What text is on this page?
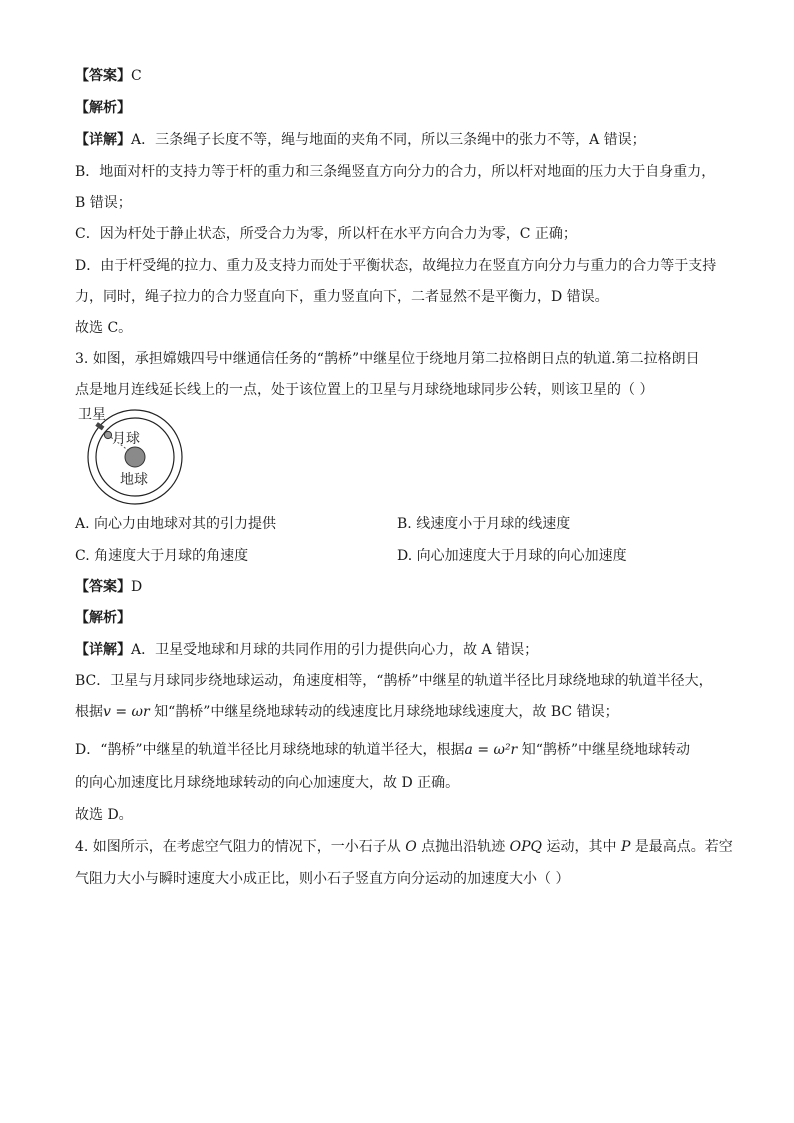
【答案】C
【解析】
【详解】A．三条绳子长度不等，绳与地面的夹角不同，所以三条绳中的张力不等，A 错误；
B．地面对杆的支持力等于杆的重力和三条绳竖直方向分力的合力，所以杆对地面的压力大于自身重力，
B 错误；
C．因为杆处于静止状态，所受合力为零，所以杆在水平方向合力为零，C 正确；
D．由于杆受绳的拉力、重力及支持力而处于平衡状态，故绳拉力在竖直方向分力与重力的合力等于支持
力，同时，绳子拉力的合力竖直向下，重力竖直向下，二者显然不是平衡力，D 错误。
故选 C。
3. 如图，承担嫦娥四号中继通信任务的“鹊桥”中继星位于绕地月第二拉格朗日点的轨道.第二拉格朗日
点是地月连线延长线上的一点，处于该位置上的卫星与月球绕地球同步公转，则该卫星的（ ）
卫星
月球
地球
A. 向心力由地球对其的引力提供	B. 线速度小于月球的线速度
C. 角速度大于月球的角速度	D. 向心加速度大于月球的向心加速度
【答案】D
【解析】
【详解】A．卫星受地球和月球的共同作用的引力提供向心力，故 A 错误；
BC．卫星与月球同步绕地球运动，角速度相等，“鹊桥”中继星的轨道半径比月球绕地球的轨道半径大，
根据v = ωr 知“鹊桥”中继星绕地球转动的线速度比月球绕地球线速度大，故 BC 错误；
D．“鹊桥”中继星的轨道半径比月球绕地球的轨道半径大，根据a = ω²r 知“鹊桥”中继星绕地球转动
的向心加速度比月球绕地球转动的向心加速度大，故 D 正确。
故选 D。
4. 如图所示，在考虑空气阻力的情况下，一小石子从 O 点抛出沿轨迹 OPQ 运动，其中 P 是最高点。若空
气阻力大小与瞬时速度大小成正比，则小石子竖直方向分运动的加速度大小（ ）
